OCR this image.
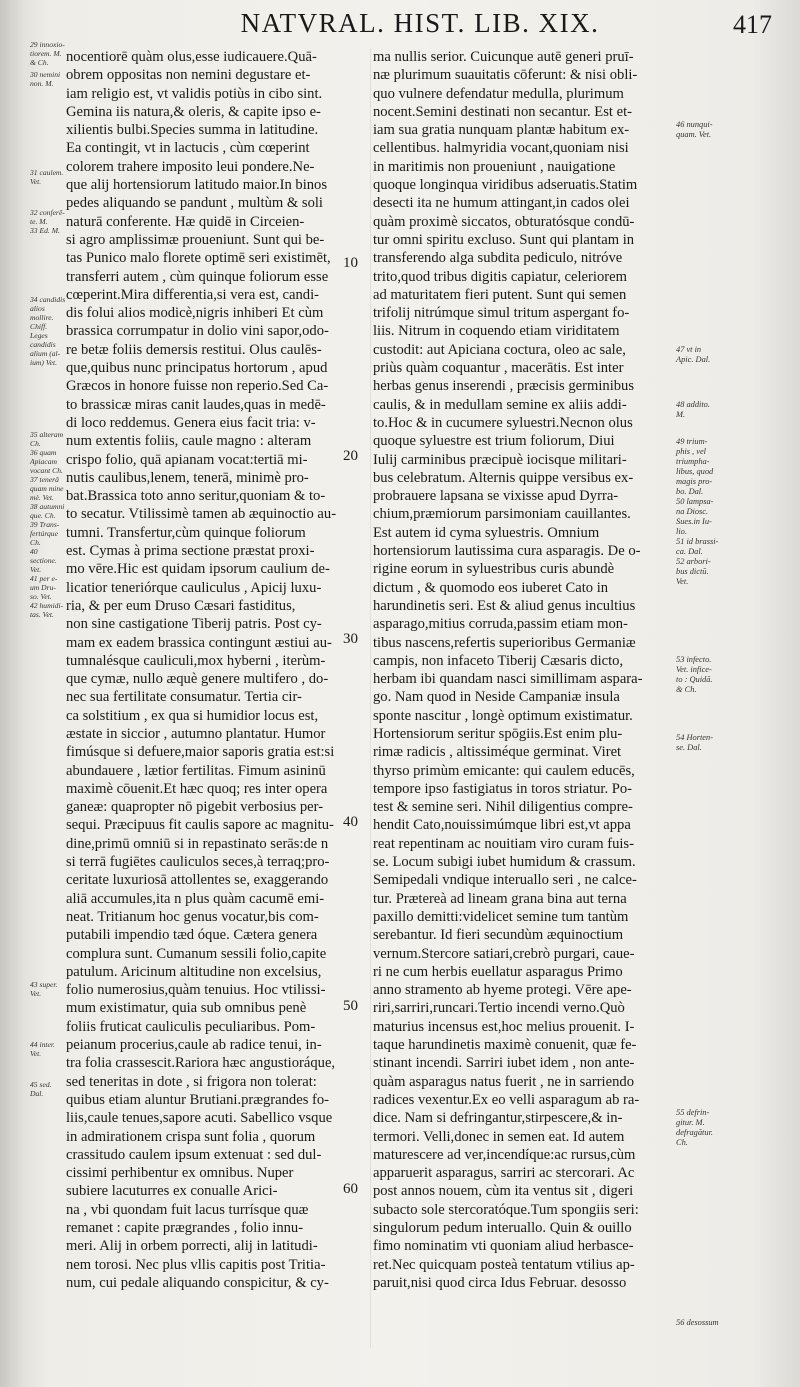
NATVRAL. HIST. LIB. XIX.	417
29 innoxio-
tiorem. M.
& Ch.
30 nemini
non. M.
31 caulem.
Vet.
32 conferē-
te. M.
33 Ed. M.
34 candidis
alios mollire.
Chiff. Leges
candidis
alium (al-
ium) Vet.
35 alteram
Ch.
36 quam
Apiacam
vocant Ch.
37 teneră
quam mine
mè. Vet.
38 autumni
que. Ch.
39 Trans-
fertúrque
Ch.
40 sectione.
Vet.
41 per e-
um Dru-
so. Vet.
42 humidi-
tas. Vet.
43 super.
Vet.
44 inter.
Vet.
45 sed. Dal.
nocentiorē quàm olus,esse iudicauere.Quā-
obrem oppositas non nemini degustare et-
iam religio est, vt validis potiùs in cibo sint.
Gemina iis natura,& oleris, & capite ipso e-
xilientis bulbi.Species summa in latitudine.
Ea contingit, vt in lactucis , cùm cœperint
colorem trahere imposito leui pondere.Ne-
que alij hortensiorum latitudo maior.In binos
pedes aliquando se pandunt , multùm & soli
naturā conferente. Hæ quidē in Circeien-
si agro amplissimæ proueniunt. Sunt qui be-
tas Punico malo florete optimē seri existimēt,
transferri autem , cùm quinque foliorum esse
cœperint.Mira differentia,si vera est, candi-
dis folui alios modicè,nigris inhiberi Et cùm
brassica corrumpatur in dolio vini sapor,odo-
re betæ foliis demersis restitui. Olus caulēs-
que,quibus nunc principatus hortorum , apud
Græcos in honore fuisse non reperio.Sed Ca-
to brassicæ miras canit laudes,quas in medē-
di loco reddemus. Genera eius facit tria: v-
num extentis foliis, caule magno : alteram
crispo folio, quā apianam vocat:tertiā mi-
nutis caulibus,lenem, tenerā, minimè pro-
bat.Brassica toto anno seritur,quoniam & to-
to secatur. Vtilissimè tamen ab æquinoctio au-
tumni. Transfertur,cùm quinque foliorum
est. Cymas à prima sectione præstat proxi-
mo vēre.Hic est quidam ipsorum caulium de-
licatior teneriórque cauliculus , Apicij luxu-
ria, & per eum Druso Cæsari fastiditus,
non sine castigatione Tiberij patris. Post cy-
mam ex eadem brassica contingunt æstiui au-
tumnalésque cauliculi,mox hyberni , iterùm-
que cymæ, nullo æquè genere multifero , do-
nec sua fertilitate consumatur. Tertia cir-
ca solstitium , ex qua si humidior locus est,
æstate in siccior , autumno plantatur. Humor
fimúsque si defuere,maior saporis gratia est:si
abundauere , lætior fertilitas. Fimum asininū
maximè cōuenit.Et hæc quoq; res inter opera
ganeæ: quapropter nō pigebit verbosius per-
sequi. Præcipuus fit caulis sapore ac magnitu-
dine,primū omniū si in repastinato serās:de n
si terrā fugiētes cauliculos seces,à terraq;pro-
ceritate luxuriosā attollentes se, exaggerando
aliā accumules,ita n plus quàm cacumē emi-
neat. Tritianum hoc genus vocatur,bis com-
putabili impendio tæd óque. Cætera genera
complura sunt. Cumanum sessili folio,capite
patulum. Aricinum altitudine non excelsius,
folio numerosius,quàm tenuius. Hoc vtilissi-
mum existimatur, quia sub omnibus penè
foliis fruticat cauliculis peculiaribus. Pom-
peianum procerius,caule ab radice tenui, in-
tra folia crassescit.Rariora hæc angustioráque,
sed teneritas in dote , si frigora non tolerat:
quibus etiam aluntur Brutiani.prægrandes fo-
liis,caule tenues,sapore acuti. Sabellico vsque
in admirationem crispa sunt folia , quorum
crassitudo caulem ipsum extenuat : sed dul-
cissimi perhibentur ex omnibus. Nuper
subiere lacuturres ex conualle Arici-
na , vbi quondam fuit lacus turrísque quæ
remanet : capite prægrandes , folio innu-
meri. Alij in orbem porrecti, alij in latitudi-
nem torosi. Nec plus vllis capitis post Tritia-
num, cui pedale aliquando conspicitur, & cy-
10
20
30
40
50
60
ma nullis serior. Cuicunque autē generi pruī-
næ plurimum suauitatis cōferunt: & nisi obli-
quo vulnere defendatur medulla, plurimum
nocent.Semini destinati non secantur. Est et-
iam sua gratia nunquam plantæ habitum ex-
cellentibus. halmyridia vocant,quoniam nisi
in maritimis non proueniunt , nauigatione
quoque longinqua viridibus adseruatis.Statim
desecti ita ne humum attingant,in cados olei
quàm proximè siccatos, obturatósque condū-
tur omni spiritu excluso. Sunt qui plantam in
transferendo alga subdita pediculo, nitróve
trito,quod tribus digitis capiatur, celeriorem
ad maturitatem fieri putent. Sunt qui semen
trifolij nitrúmque simul tritum aspergant fo-
liis. Nitrum in coquendo etiam viriditatem
custodit: aut Apiciana coctura, oleo ac sale,
priùs quàm coquantur , macerātis. Est inter
herbas genus inserendi , præcisis germinibus
caulis, & in medullam semine ex aliis addi-
to.Hoc & in cucumere syluestri.Necnon olus
quoque syluestre est trium foliorum, Diui
Iulij carminibus præcipuè iocisque militari-
bus celebratum. Alternis quippe versibus ex-
probrauere lapsana se vixisse apud Dyrra-
chium,præmiorum parsimoniam cauillantes.
Est autem id cyma syluestris. Omnium
hortensiorum lautissima cura asparagis. De o-
rigine eorum in syluestribus curis abundè
dictum , & quomodo eos iuberet Cato in
harundinetis seri. Est & aliud genus incultius
asparago,mitius corruda,passim etiam mon-
tibus nascens,refertis superioribus Germaniæ
campis, non infaceto Tiberij Cæsaris dicto,
herbam ibi quandam nasci simillimam aspara-
go. Nam quod in Neside Campaniæ insula
sponte nascitur , longè optimum existimatur.
Hortensiorum seritur spōgiis.Est enim plu-
rimæ radicis , altissiméque germinat. Viret
thyrso primùm emicante: qui caulem educēs,
tempore ipso fastigiatus in toros striatur. Po-
test & semine seri. Nihil diligentius compre-
hendit Cato,nouissimúmque libri est,vt appa
reat repentinam ac nouitiam viro curam fuis-
se. Locum subigi iubet humidum & crassum.
Semipedali vndique interuallo seri , ne calce-
tur. Prætereà ad lineam grana bina aut terna
paxillo demitti:videlicet semine tum tantùm
serebantur. Id fieri secundùm æquinoctium
vernum.Stercore satiari,crebrò purgari, caue-
ri ne cum herbis euellatur asparagus Primo
anno stramento ab hyeme protegi. Vēre ape-
riri,sarriri,runcari.Tertio incendi verno.Quò
maturius incensus est,hoc melius prouenit. I-
taque harundinetis maximè conuenit, quæ fe-
stinant incendi. Sarriri iubet idem , non ante-
quàm asparagus natus fuerit , ne in sarriendo
radices vexentur.Ex eo velli asparagum ab ra-
dice. Nam si defringantur,stirpescere,& in-
termori. Velli,donec in semen eat. Id autem
maturescere ad ver,incendíque:ac rursus,cùm
apparuerit asparagus, sarriri ac stercorari. Ac
post annos nouem, cùm ita ventus sit , digeri
subacto sole stercoratóque.Tum spongiis seri:
singulorum pedum interuallo. Quin & ouillo
fimo nominatim vti quoniam aliud herbasce-
ret.Nec quicquam posteà tentatum vtilius ap-
paruit,nisi quod circa Idus Februar. desosso
46 nunqui-
quam. Vet.
47 vt in
Apic. Dal.
48 addito.
M.
49 trium-
phis , vel
triumpha-
libus, quod
magis pro-
bo. Dal.
50 lampsa-
na Diosc.
Sues.in Iu-
lio.
51 id brassi-
ca. Dal.
52 arbori-
bus dictū.
Vet.
53 infecto.
Vet. infice-
to : Quidā.
& Ch.
54 Horten-
se. Dal.
55 defrin-
gitur. M.
defragātur.
Ch.
56 desossum
